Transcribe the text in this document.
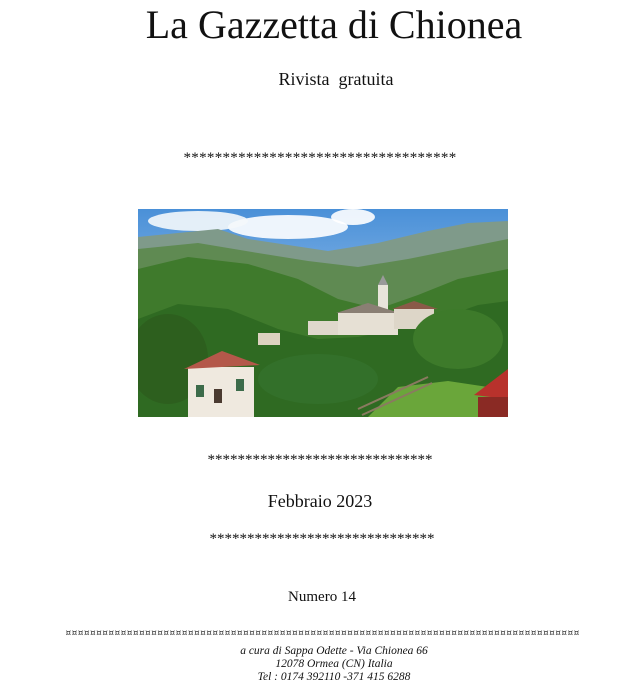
La Gazzetta di Chionea
Rivista  gratuita
***********************************
******************************
Febbraio 2023
******************************
Numero 14
¤¤¤¤¤¤¤¤¤¤¤¤¤¤¤¤¤¤¤¤¤¤¤¤¤¤¤¤¤¤¤¤¤¤¤¤¤¤¤¤¤¤¤¤¤¤¤¤¤¤¤¤¤¤¤¤¤¤¤¤¤¤¤¤¤¤¤¤¤¤¤¤¤¤¤¤¤¤¤¤¤¤¤¤
a cura di Sappa Odette - Via Chionea 66
12078 Ormea (CN) Italia
Tel : 0174 392110 -371 415 6288
